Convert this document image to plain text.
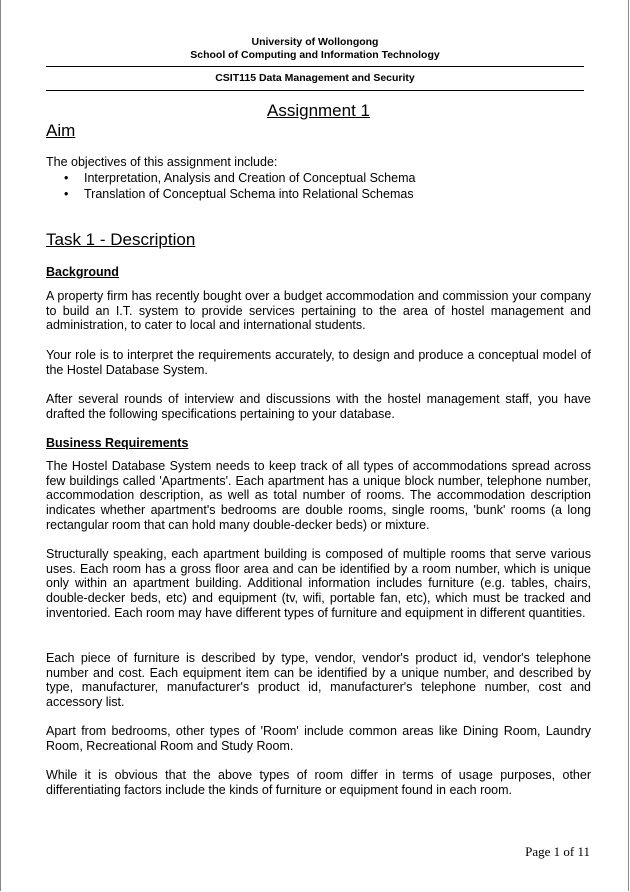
University of Wollongong
School of Computing and Information Technology
CSIT115 Data Management and Security
Assignment 1
Aim
The objectives of this assignment include:
• Interpretation, Analysis and Creation of Conceptual Schema
• Translation of Conceptual Schema into Relational Schemas
Task 1 - Description
Background

A property firm has recently bought over a budget accommodation and commission your company to build an I.T. system to provide services pertaining to the area of hostel management and administration, to cater to local and international students.

Your role is to interpret the requirements accurately, to design and produce a conceptual model of the Hostel Database System.

After several rounds of interview and discussions with the hostel management staff, you have drafted the following specifications pertaining to your database.

Business Requirements

The Hostel Database System needs to keep track of all types of accommodations spread across few buildings called 'Apartments'. Each apartment has a unique block number, telephone number, accommodation description, as well as total number of rooms. The accommodation description indicates whether apartment's bedrooms are double rooms, single rooms, 'bunk' rooms (a long rectangular room that can hold many double-decker beds) or mixture.

Structurally speaking, each apartment building is composed of multiple rooms that serve various uses. Each room has a gross floor area and can be identified by a room number, which is unique only within an apartment building. Additional information includes furniture (e.g. tables, chairs, double-decker beds, etc) and equipment (tv, wifi, portable fan, etc), which must be tracked and inventoried. Each room may have different types of furniture and equipment in different quantities.

Each piece of furniture is described by type, vendor, vendor's product id, vendor's telephone number and cost. Each equipment item can be identified by a unique number, and described by type, manufacturer, manufacturer's product id, manufacturer's telephone number, cost and accessory list.

Apart from bedrooms, other types of 'Room' include common areas like Dining Room, Laundry Room, Recreational Room and Study Room.

While it is obvious that the above types of room differ in terms of usage purposes, other differentiating factors include the kinds of furniture or equipment found in each room.

Page 1 of 11
